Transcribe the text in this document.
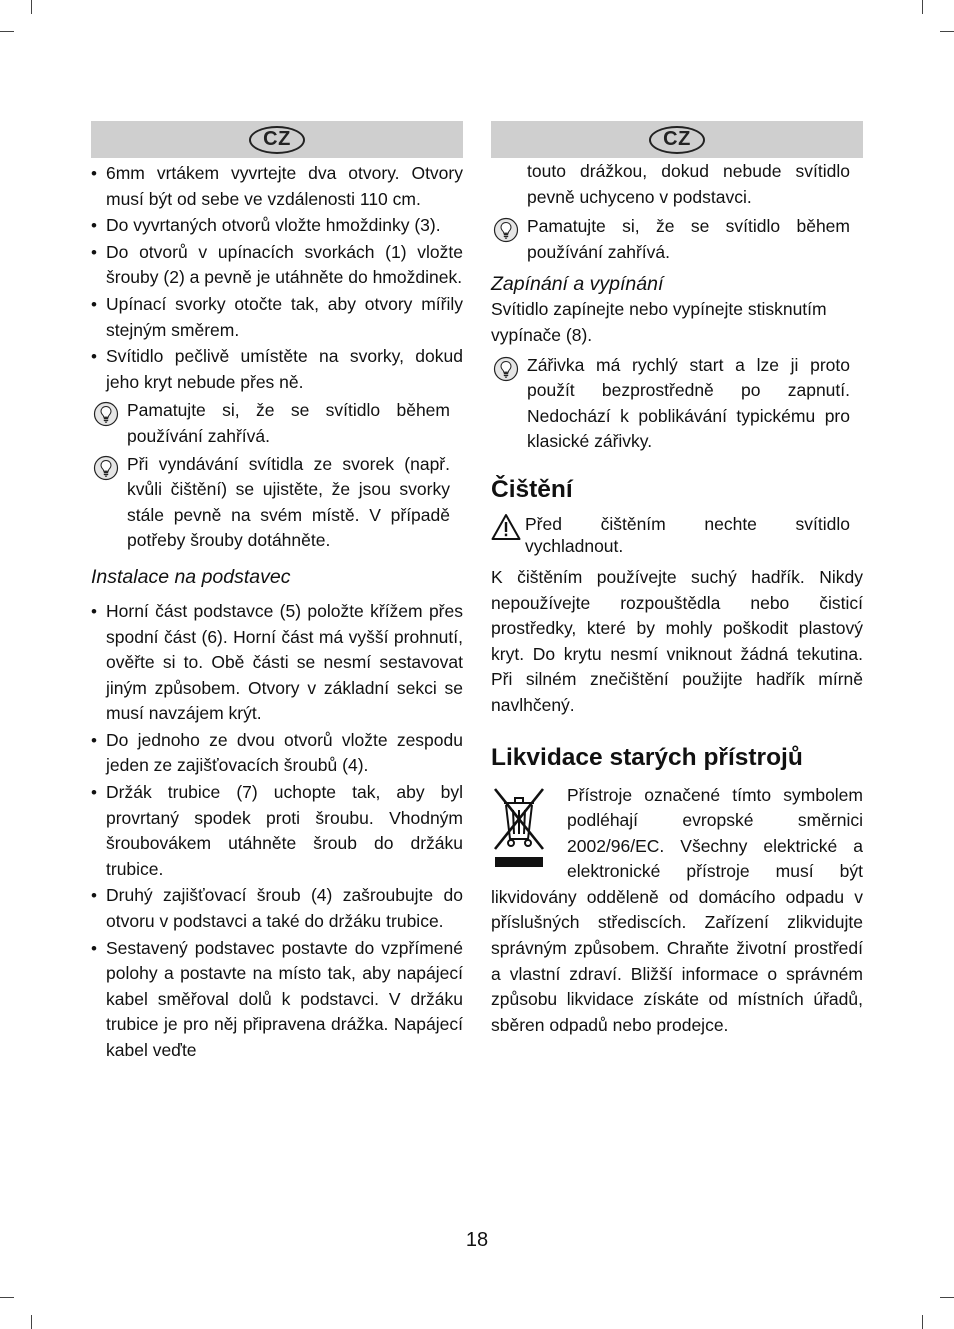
CZ
• 6mm vrtákem vyvrtejte dva otvory. Otvory musí být od sebe ve vzdálenosti 110 cm.
• Do vyvrtaných otvorů vložte hmoždinky (3).
• Do otvorů v upínacích svorkách (1) vložte šrouby (2) a pevně je utáhněte do hmoždinek.
• Upínací svorky otočte tak, aby otvory mířily stejným směrem.
• Svítidlo pečlivě umístěte na svorky, dokud jeho kryt nebude přes ně.
Pamatujte si, že se svítidlo během používání zahřívá.
Při vyndávání svítidla ze svorek (např. kvůli čištění) se ujistěte, že jsou svorky stále pevně na svém místě. V případě potřeby šrouby dotáhněte.
Instalace na podstavec
• Horní část podstavce (5) položte křížem přes spodní část (6). Horní část má vyšší prohnutí, ověřte si to. Obě části se nesmí sestavovat jiným způsobem. Otvory v základní sekci se musí navzájem krýt.
• Do jednoho ze dvou otvorů vložte zespodu jeden ze zajišťovacích šroubů (4).
• Držák trubice (7) uchopte tak, aby byl provrtaný spodek proti šroubu. Vhodným šroubovákem utáhněte šroub do držáku trubice.
• Druhý zajišťovací šroub (4) zašroubujte do otvoru v podstavci a také do držáku trubice.
• Sestavený podstavec postavte do vzpřímené polohy a postavte na místo tak, aby napájecí kabel směřoval dolů k podstavci. V držáku trubice je pro něj připravena drážka. Napájecí kabel veďte
CZ
touto drážkou, dokud nebude svítidlo pevně uchyceno v podstavci.
Pamatujte si, že se svítidlo během používání zahřívá.
Zapínání a vypínání
Svítidlo zapínejte nebo vypínejte stisknutím vypínače (8).
Zářivka má rychlý start a lze ji proto použít bezprostředně po zapnutí. Nedochází k poblikávání typickému pro klasické zářivky.
Čištění
Před čištěním nechte svítidlo vychladnout.
K čištěním používejte suchý hadřík. Nikdy nepoužívejte rozpouštědla nebo čisticí prostředky, které by mohly poškodit plastový kryt. Do krytu nesmí vniknout žádná tekutina. Při silném znečištění použijte hadřík mírně navlhčený.
Likvidace starých přístrojů
Přístroje označené tímto symbolem podléhají evropské směrnici 2002/96/EC. Všechny elektrické a elektronické přístroje musí být likvidovány odděleně od domácího odpadu v příslušných střediscích. Zařízení zlikvidujte správným způsobem. Chraňte životní prostředí a vlastní zdraví. Bližší informace o správném způsobu likvidace získáte od místních úřadů, sběren odpadů nebo prodejce.
18
